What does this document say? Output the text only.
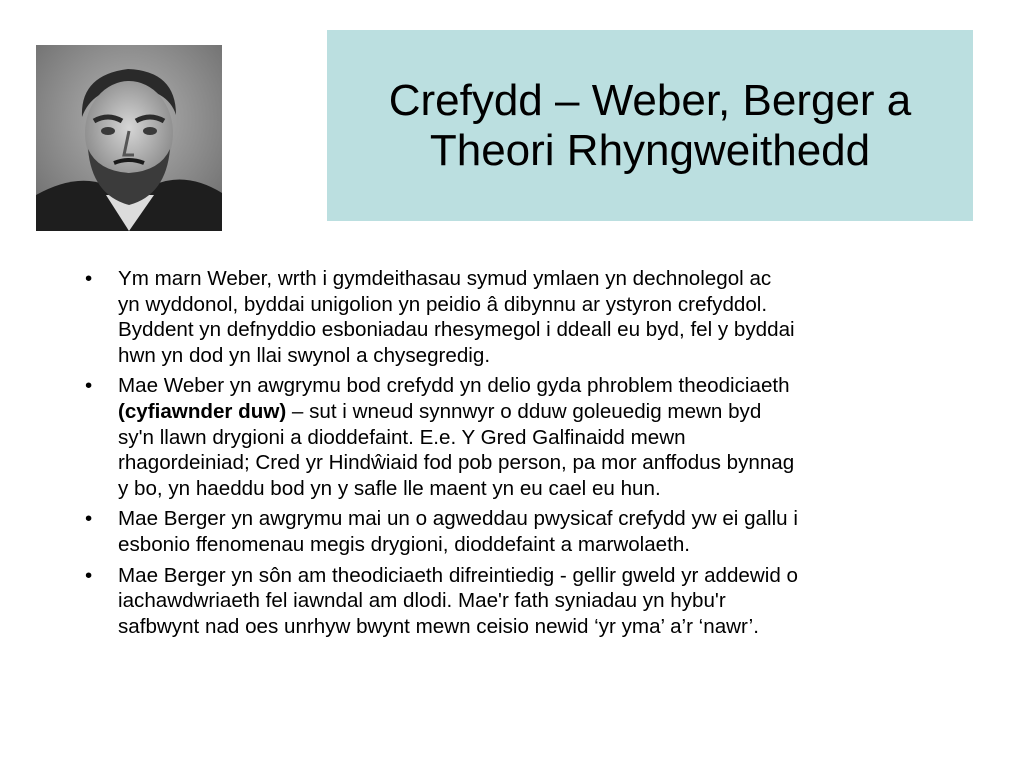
Crefydd – Weber, Berger a
Theori Rhyngweithedd
• Ym marn Weber, wrth i gymdeithasau symud ymlaen yn dechnolegol ac
yn wyddonol, byddai unigolion yn peidio â dibynnu ar ystyron crefyddol.
Byddent yn defnyddio esboniadau rhesymegol i ddeall eu byd, fel y byddai
hwn yn dod yn llai swynol a chysegredig.
• Mae Weber yn awgrymu bod crefydd yn delio gyda phroblem theodiciaeth
(cyfiawnder duw) – sut i wneud synnwyr o dduw goleuedig mewn byd
sy'n llawn drygioni a dioddefaint. E.e. Y Gred Galfinaidd mewn
rhagordeiniad; Cred yr Hindŵiaid fod pob person, pa mor anffodus bynnag
y bo, yn haeddu bod yn y safle lle maent yn eu cael eu hun.
• Mae Berger yn awgrymu mai un o agweddau pwysicaf crefydd yw ei gallu i
esbonio ffenomenau megis drygioni, dioddefaint a marwolaeth.
• Mae Berger yn sôn am theodiciaeth difreintiedig - gellir gweld yr addewid o
iachawdwriaeth fel iawndal am dlodi. Mae'r fath syniadau yn hybu'r
safbwynt nad oes unrhyw bwynt mewn ceisio newid ‘yr yma’ a’r ‘nawr’.
